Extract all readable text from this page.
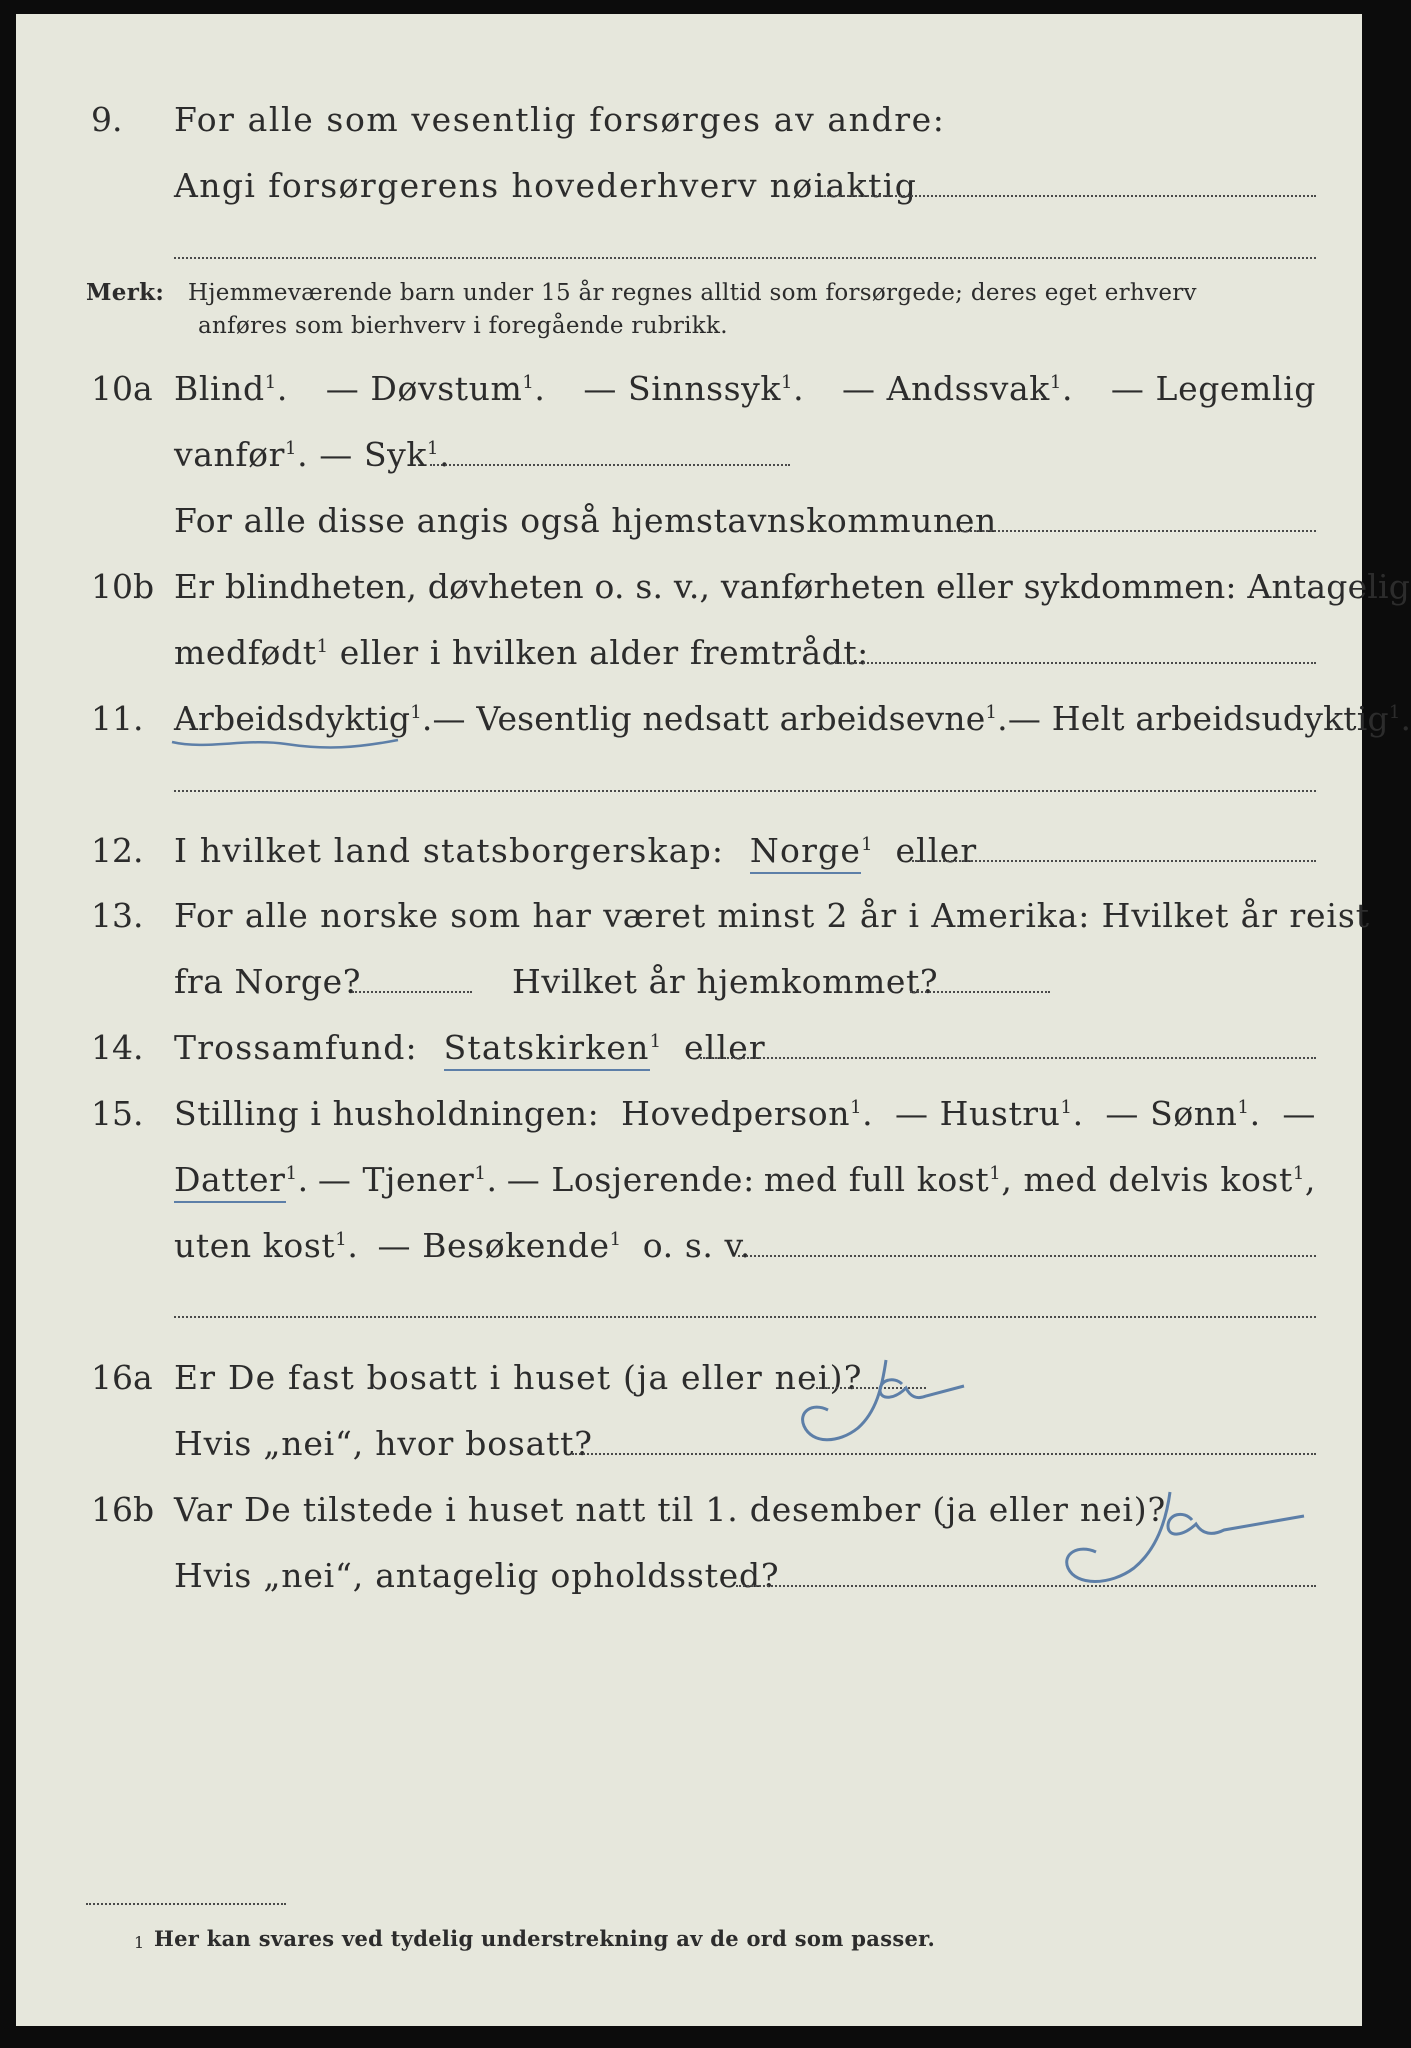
9. For alle som vesentlig forsørges av andre:
Angi forsørgerens hovederhverv nøiaktig
Merk: Hjemmeværende barn under 15 år regnes alltid som forsørgede; deres eget erhverv
anføres som bierhverv i foregående rubrikk.
10a Blind$^1$. — Døvstum$^1$. — Sinnssyk$^1$. — Andssvak$^1$. — Legemlig
vanfør$^1$. — Syk$^1$.
For alle disse angis også hjemstavnskommunen
10b Er blindheten, døvheten o. s. v., vanførheten eller sykdommen: Antagelig
medfødt$^1$ eller i hvilken alder fremtrådt:
11. Arbeidsdyktig$^1$. — Vesentlig nedsatt arbeidsevne$^1$. — Helt arbeidsudyktig$^1$.
12. I hvilket land statsborgerskap: Norge$^1$ eller
13. For alle norske som har været minst 2 år i Amerika: Hvilket år reist
fra Norge?	Hvilket år hjemkommet?
14. Trossamfund: Statskirken$^1$ eller
15. Stilling i husholdningen: Hovedperson$^1$. — Hustru$^1$. — Sønn$^1$. —
Datter$^1$. — Tjener$^1$. — Losjerende: med full kost$^1$, med delvis kost$^1$,
uten kost$^1$. — Besøkende$^1$ o. s. v.
16a Er De fast bosatt i huset (ja eller nei)?	Ja
Hvis „nei“, hvor bosatt?
16b Var De tilstede i huset natt til 1. desember (ja eller nei)?	Ja
Hvis „nei“, antagelig opholdssted?
1 Her kan svares ved tydelig understrekning av de ord som passer.
